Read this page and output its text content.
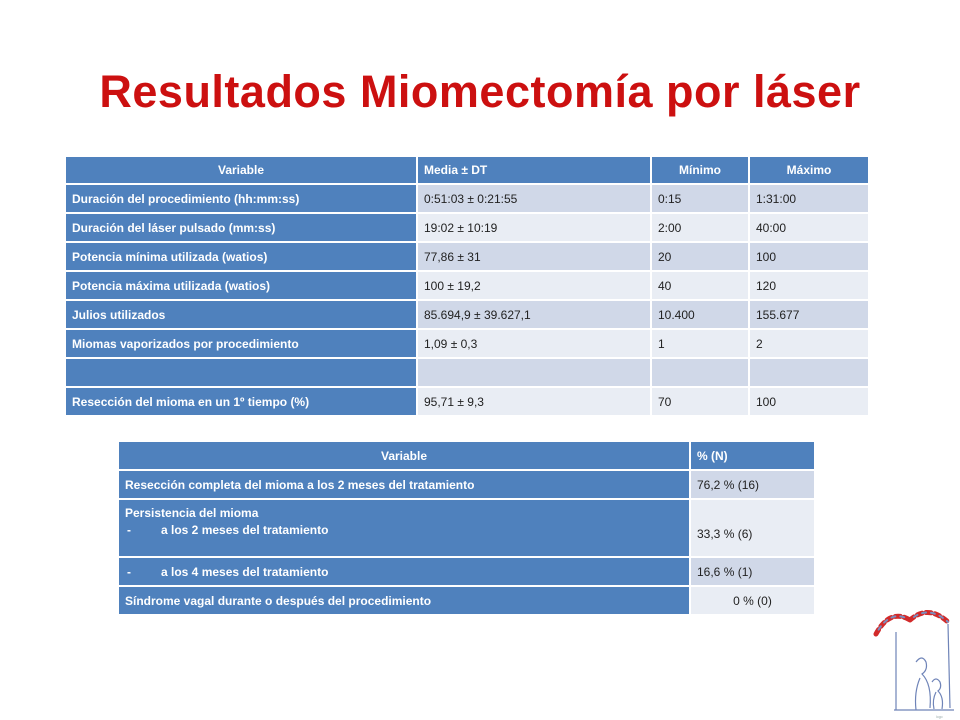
Resultados Miomectomía por láser
Variable	Media ± DT	Mínimo	Máximo
Duración del procedimiento (hh:mm:ss)	0:51:03 ± 0:21:55	0:15	1:31:00
Duración del láser pulsado (mm:ss)	19:02 ± 10:19	2:00	40:00
Potencia mínima utilizada (watios)	77,86 ± 31	20	100
Potencia máxima utilizada (watios)	100 ± 19,2	40	120
Julios utilizados	85.694,9 ± 39.627,1	10.400	155.677
Miomas vaporizados por procedimiento	1,09 ± 0,3	1	2

Resección del mioma en un 1º tiempo (%)	95,71 ± 9,3	70	100
Variable	% (N)
Resección completa del mioma a los 2 meses del tratamiento	76,2 % (16)

Persistencia del mioma
- a los 2 meses del tratamiento	33,3 % (6)
- a los 4 meses del tratamiento	16,6 % (1)
Síndrome vagal durante o después del procedimiento	0 % (0)
logo
